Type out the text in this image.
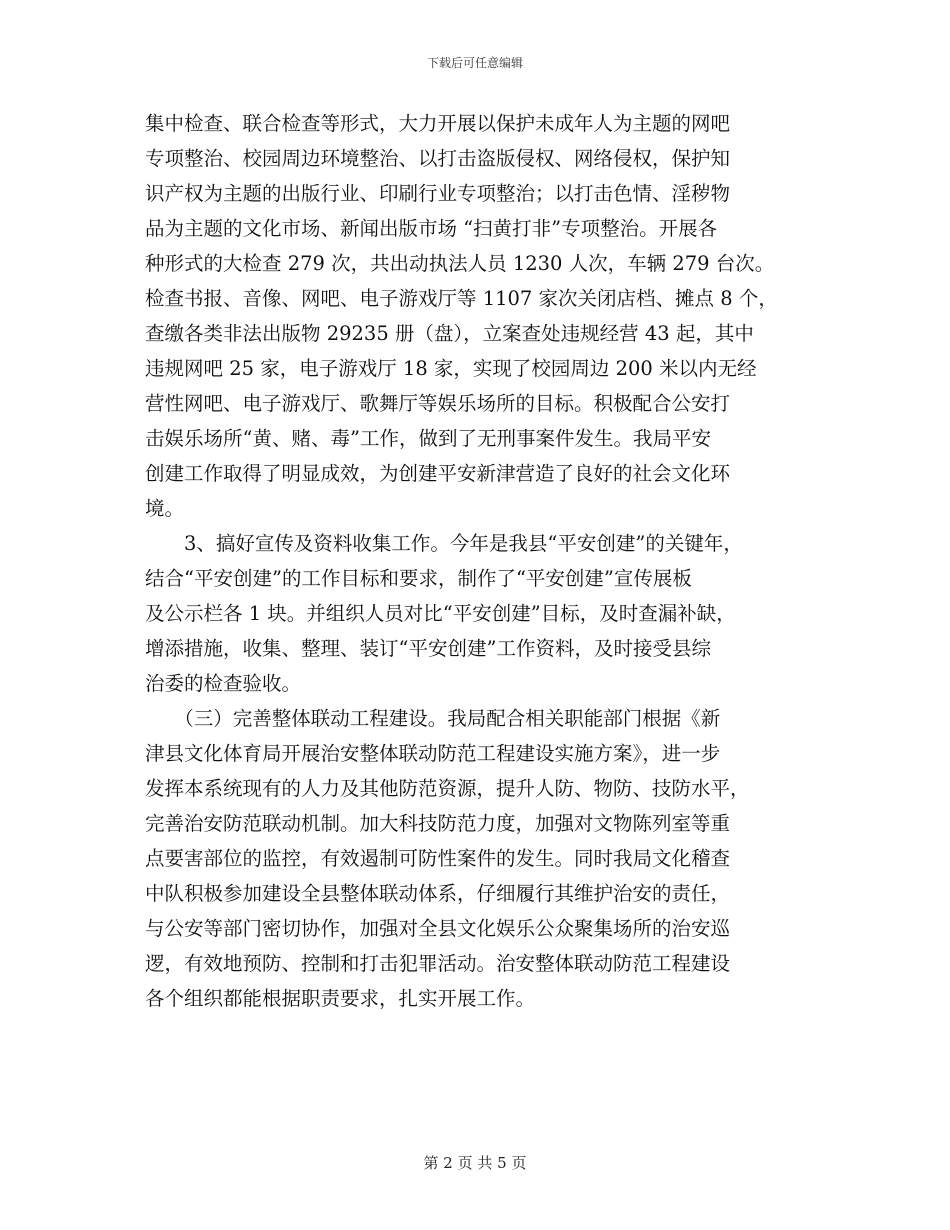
下载后可任意编辑
集中检查、联合检查等形式，大力开展以保护未成年人为主题的网吧
专项整治、校园周边环境整治、以打击盗版侵权、网络侵权，保护知
识产权为主题的出版行业、印刷行业专项整治；以打击色情、淫秽物
品为主题的文化市场、新闻出版市场 “扫黄打非”专项整治。开展各
种形式的大检查 279 次，共出动执法人员 1230 人次，车辆 279 台次。
检查书报、音像、网吧、电子游戏厅等 1107 家次关闭店档、摊点 8 个，
查缴各类非法出版物 29235 册（盘），立案查处违规经营 43 起，其中
违规网吧 25 家，电子游戏厅 18 家，实现了校园周边 200 米以内无经
营性网吧、电子游戏厅、歌舞厅等娱乐场所的目标。积极配合公安打
击娱乐场所“黄、赌、毒”工作，做到了无刑事案件发生。我局平安
创建工作取得了明显成效，为创建平安新津营造了良好的社会文化环
境。
　　3、搞好宣传及资料收集工作。今年是我县“平安创建”的关键年，
结合“平安创建”的工作目标和要求，制作了“平安创建”宣传展板
及公示栏各 1 块。并组织人员对比“平安创建”目标，及时查漏补缺，
增添措施，收集、整理、装订“平安创建”工作资料，及时接受县综
治委的检查验收。
　　（三）完善整体联动工程建设。我局配合相关职能部门根据《新
津县文化体育局开展治安整体联动防范工程建设实施方案》，进一步
发挥本系统现有的人力及其他防范资源，提升人防、物防、技防水平，
完善治安防范联动机制。加大科技防范力度，加强对文物陈列室等重
点要害部位的监控，有效遏制可防性案件的发生。同时我局文化稽查
中队积极参加建设全县整体联动体系，仔细履行其维护治安的责任，
与公安等部门密切协作，加强对全县文化娱乐公众聚集场所的治安巡
逻，有效地预防、控制和打击犯罪活动。治安整体联动防范工程建设
各个组织都能根据职责要求，扎实开展工作。
第 2 页 共 5 页
